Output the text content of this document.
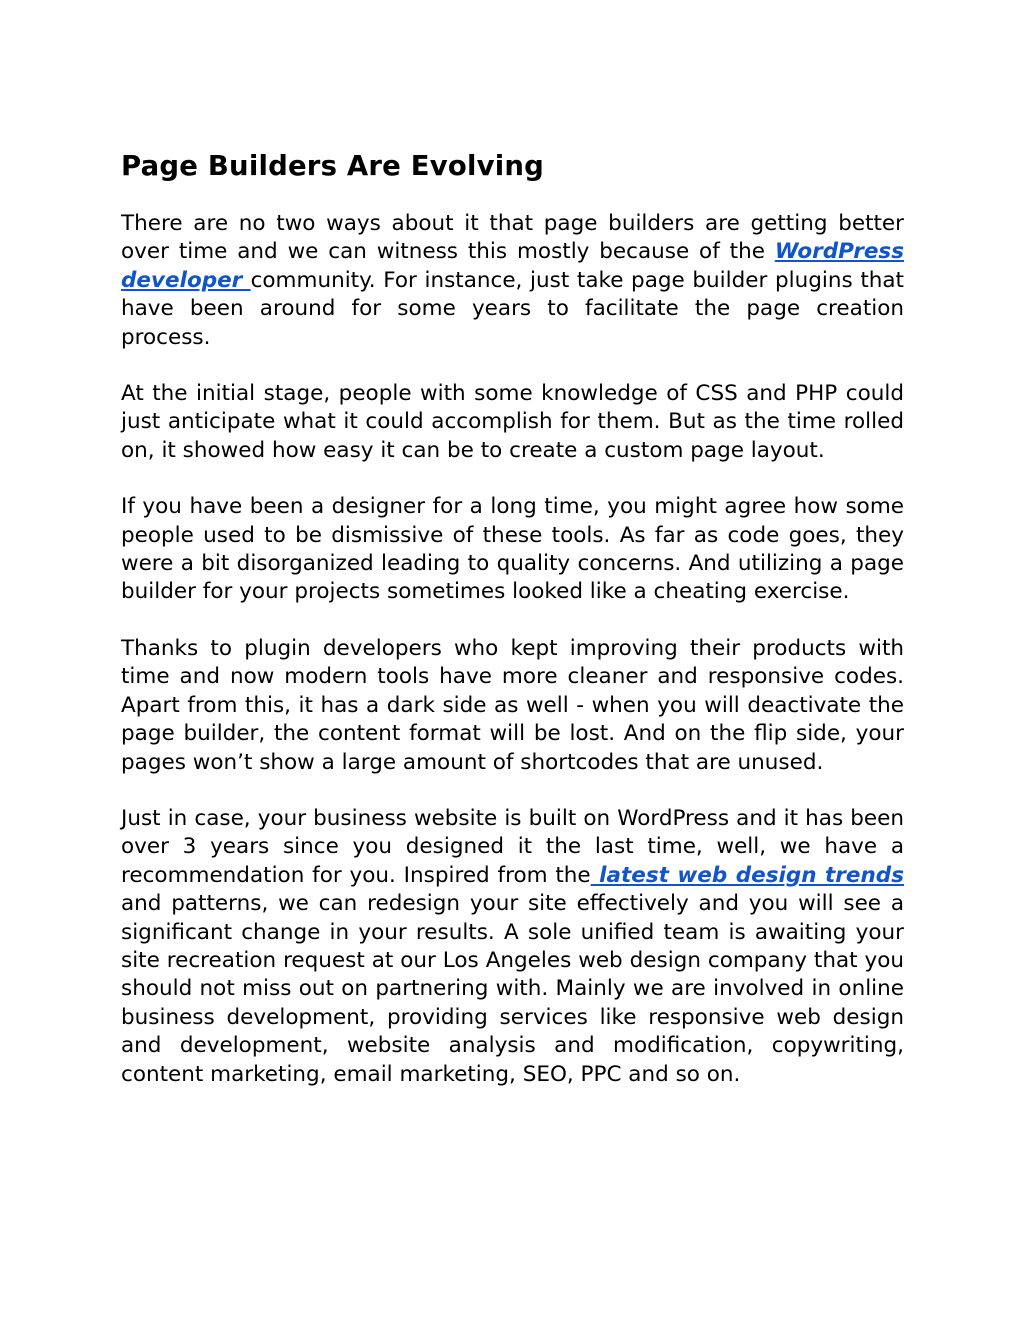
Page Builders Are Evolving

There are no two ways about it that page builders are getting better over time and we can witness this mostly because of the WordPress developer community. For instance, just take page builder plugins that have been around for some years to facilitate the page creation process.

At the initial stage, people with some knowledge of CSS and PHP could just anticipate what it could accomplish for them. But as the time rolled on, it showed how easy it can be to create a custom page layout.

If you have been a designer for a long time, you might agree how some people used to be dismissive of these tools. As far as code goes, they were a bit disorganized leading to quality concerns. And utilizing a page builder for your projects sometimes looked like a cheating exercise.

Thanks to plugin developers who kept improving their products with time and now modern tools have more cleaner and responsive codes. Apart from this, it has a dark side as well - when you will deactivate the page builder, the content format will be lost. And on the flip side, your pages won’t show a large amount of shortcodes that are unused.

Just in case, your business website is built on WordPress and it has been over 3 years since you designed it the last time, well, we have a recommendation for you. Inspired from the latest web design trends and patterns, we can redesign your site effectively and you will see a significant change in your results. A sole unified team is awaiting your site recreation request at our Los Angeles web design company that you should not miss out on partnering with. Mainly we are involved in online business development, providing services like responsive web design and development, website analysis and modification, copywriting, content marketing, email marketing, SEO, PPC and so on.
